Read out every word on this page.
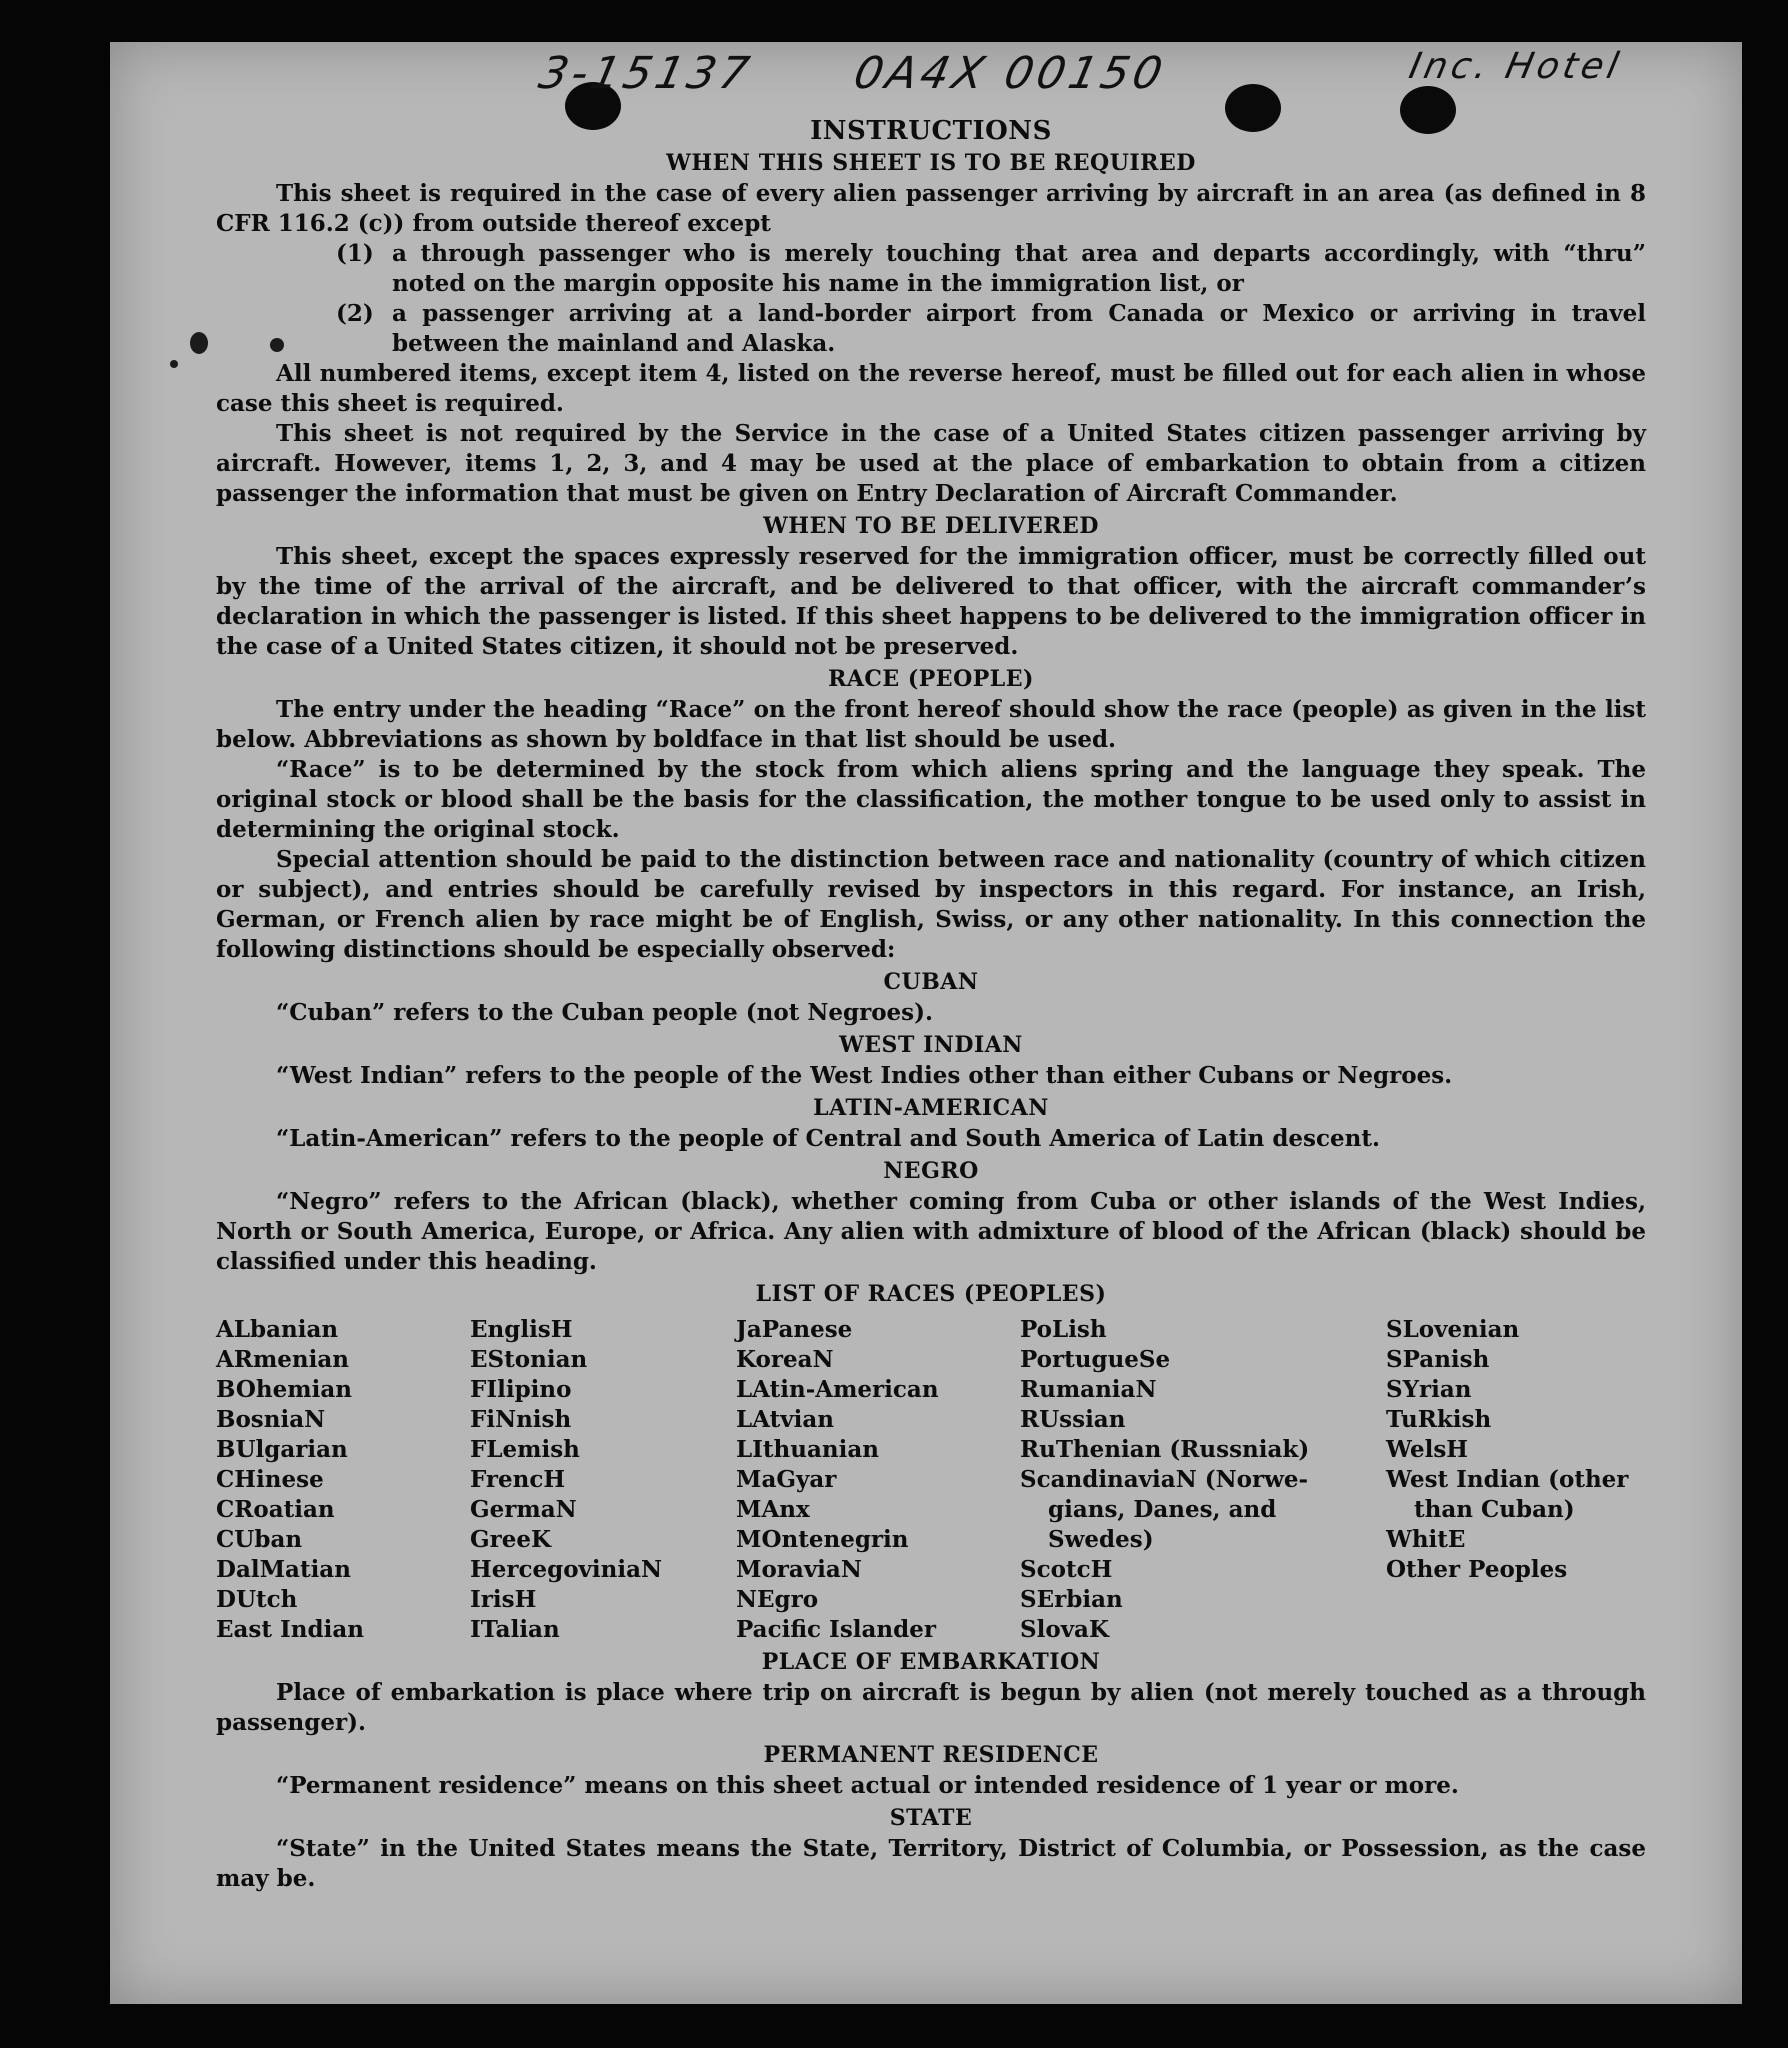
3-15137 0A4X 00150	Inc. Hotel
INSTRUCTIONS
WHEN THIS SHEET IS TO BE REQUIRED

This sheet is required in the case of every alien passenger arriving by aircraft in an area (as defined in 8 CFR 116.2 (c)) from outside thereof except

(1) a through passenger who is merely touching that area and departs accordingly, with “thru” noted on the margin opposite his name in the immigration list, or
(2) a passenger arriving at a land-border airport from Canada or Mexico or arriving in travel between the mainland and Alaska.

All numbered items, except item 4, listed on the reverse hereof, must be filled out for each alien in whose case this sheet is required.

This sheet is not required by the Service in the case of a United States citizen passenger arriving by aircraft. However, items 1, 2, 3, and 4 may be used at the place of embarkation to obtain from a citizen passenger the information that must be given on Entry Declaration of Aircraft Commander.

WHEN TO BE DELIVERED

This sheet, except the spaces expressly reserved for the immigration officer, must be correctly filled out by the time of the arrival of the aircraft, and be delivered to that officer, with the aircraft commander’s declaration in which the passenger is listed. If this sheet happens to be delivered to the immigration officer in the case of a United States citizen, it should not be preserved.

RACE (PEOPLE)

The entry under the heading “Race” on the front hereof should show the race (people) as given in the list below. Abbreviations as shown by boldface in that list should be used.

“Race” is to be determined by the stock from which aliens spring and the language they speak. The original stock or blood shall be the basis for the classification, the mother tongue to be used only to assist in determining the original stock.

Special attention should be paid to the distinction between race and nationality (country of which citizen or subject), and entries should be carefully revised by inspectors in this regard. For instance, an Irish, German, or French alien by race might be of English, Swiss, or any other nationality. In this connection the following distinctions should be especially observed:

CUBAN

“Cuban” refers to the Cuban people (not Negroes).

WEST INDIAN

“West Indian” refers to the people of the West Indies other than either Cubans or Negroes.

LATIN-AMERICAN

“Latin-American” refers to the people of Central and South America of Latin descent.

NEGRO

“Negro” refers to the African (black), whether coming from Cuba or other islands of the West Indies, North or South America, Europe, or Africa. Any alien with admixture of blood of the African (black) should be classified under this heading.

LIST OF RACES (PEOPLES)
ALbanian
ARmenian
BOhemian
BosniaN
BUlgarian
CHinese
CRoatian
CUban
DalMatian
DUtch
East Indian
EnglisH
EStonian
FIlipino
FiNnish
FLemish
FrencH
GermaN
GreeK
HercegoviniaN
IrisH
ITalian
JaPanese
KoreaN
LAtin-American
LAtvian
LIthuanian
MaGyar
MAnx
MOntenegrin
MoraviaN
NEgro
Pacific Islander
PoLish
PortugueSe
RumaniaN
RUssian
RuThenian (Russniak)
ScandinaviaN (Norwe-
gians, Danes, and
Swedes)
ScotcH
SErbian
SlovaK
SLovenian
SPanish
SYrian
TuRkish
WelsH
West Indian (other
than Cuban)
WhitE
Other Peoples
PLACE OF EMBARKATION

Place of embarkation is place where trip on aircraft is begun by alien (not merely touched as a through passenger).

PERMANENT RESIDENCE

“Permanent residence” means on this sheet actual or intended residence of 1 year or more.

STATE

“State” in the United States means the State, Territory, District of Columbia, or Possession, as the case may be.
